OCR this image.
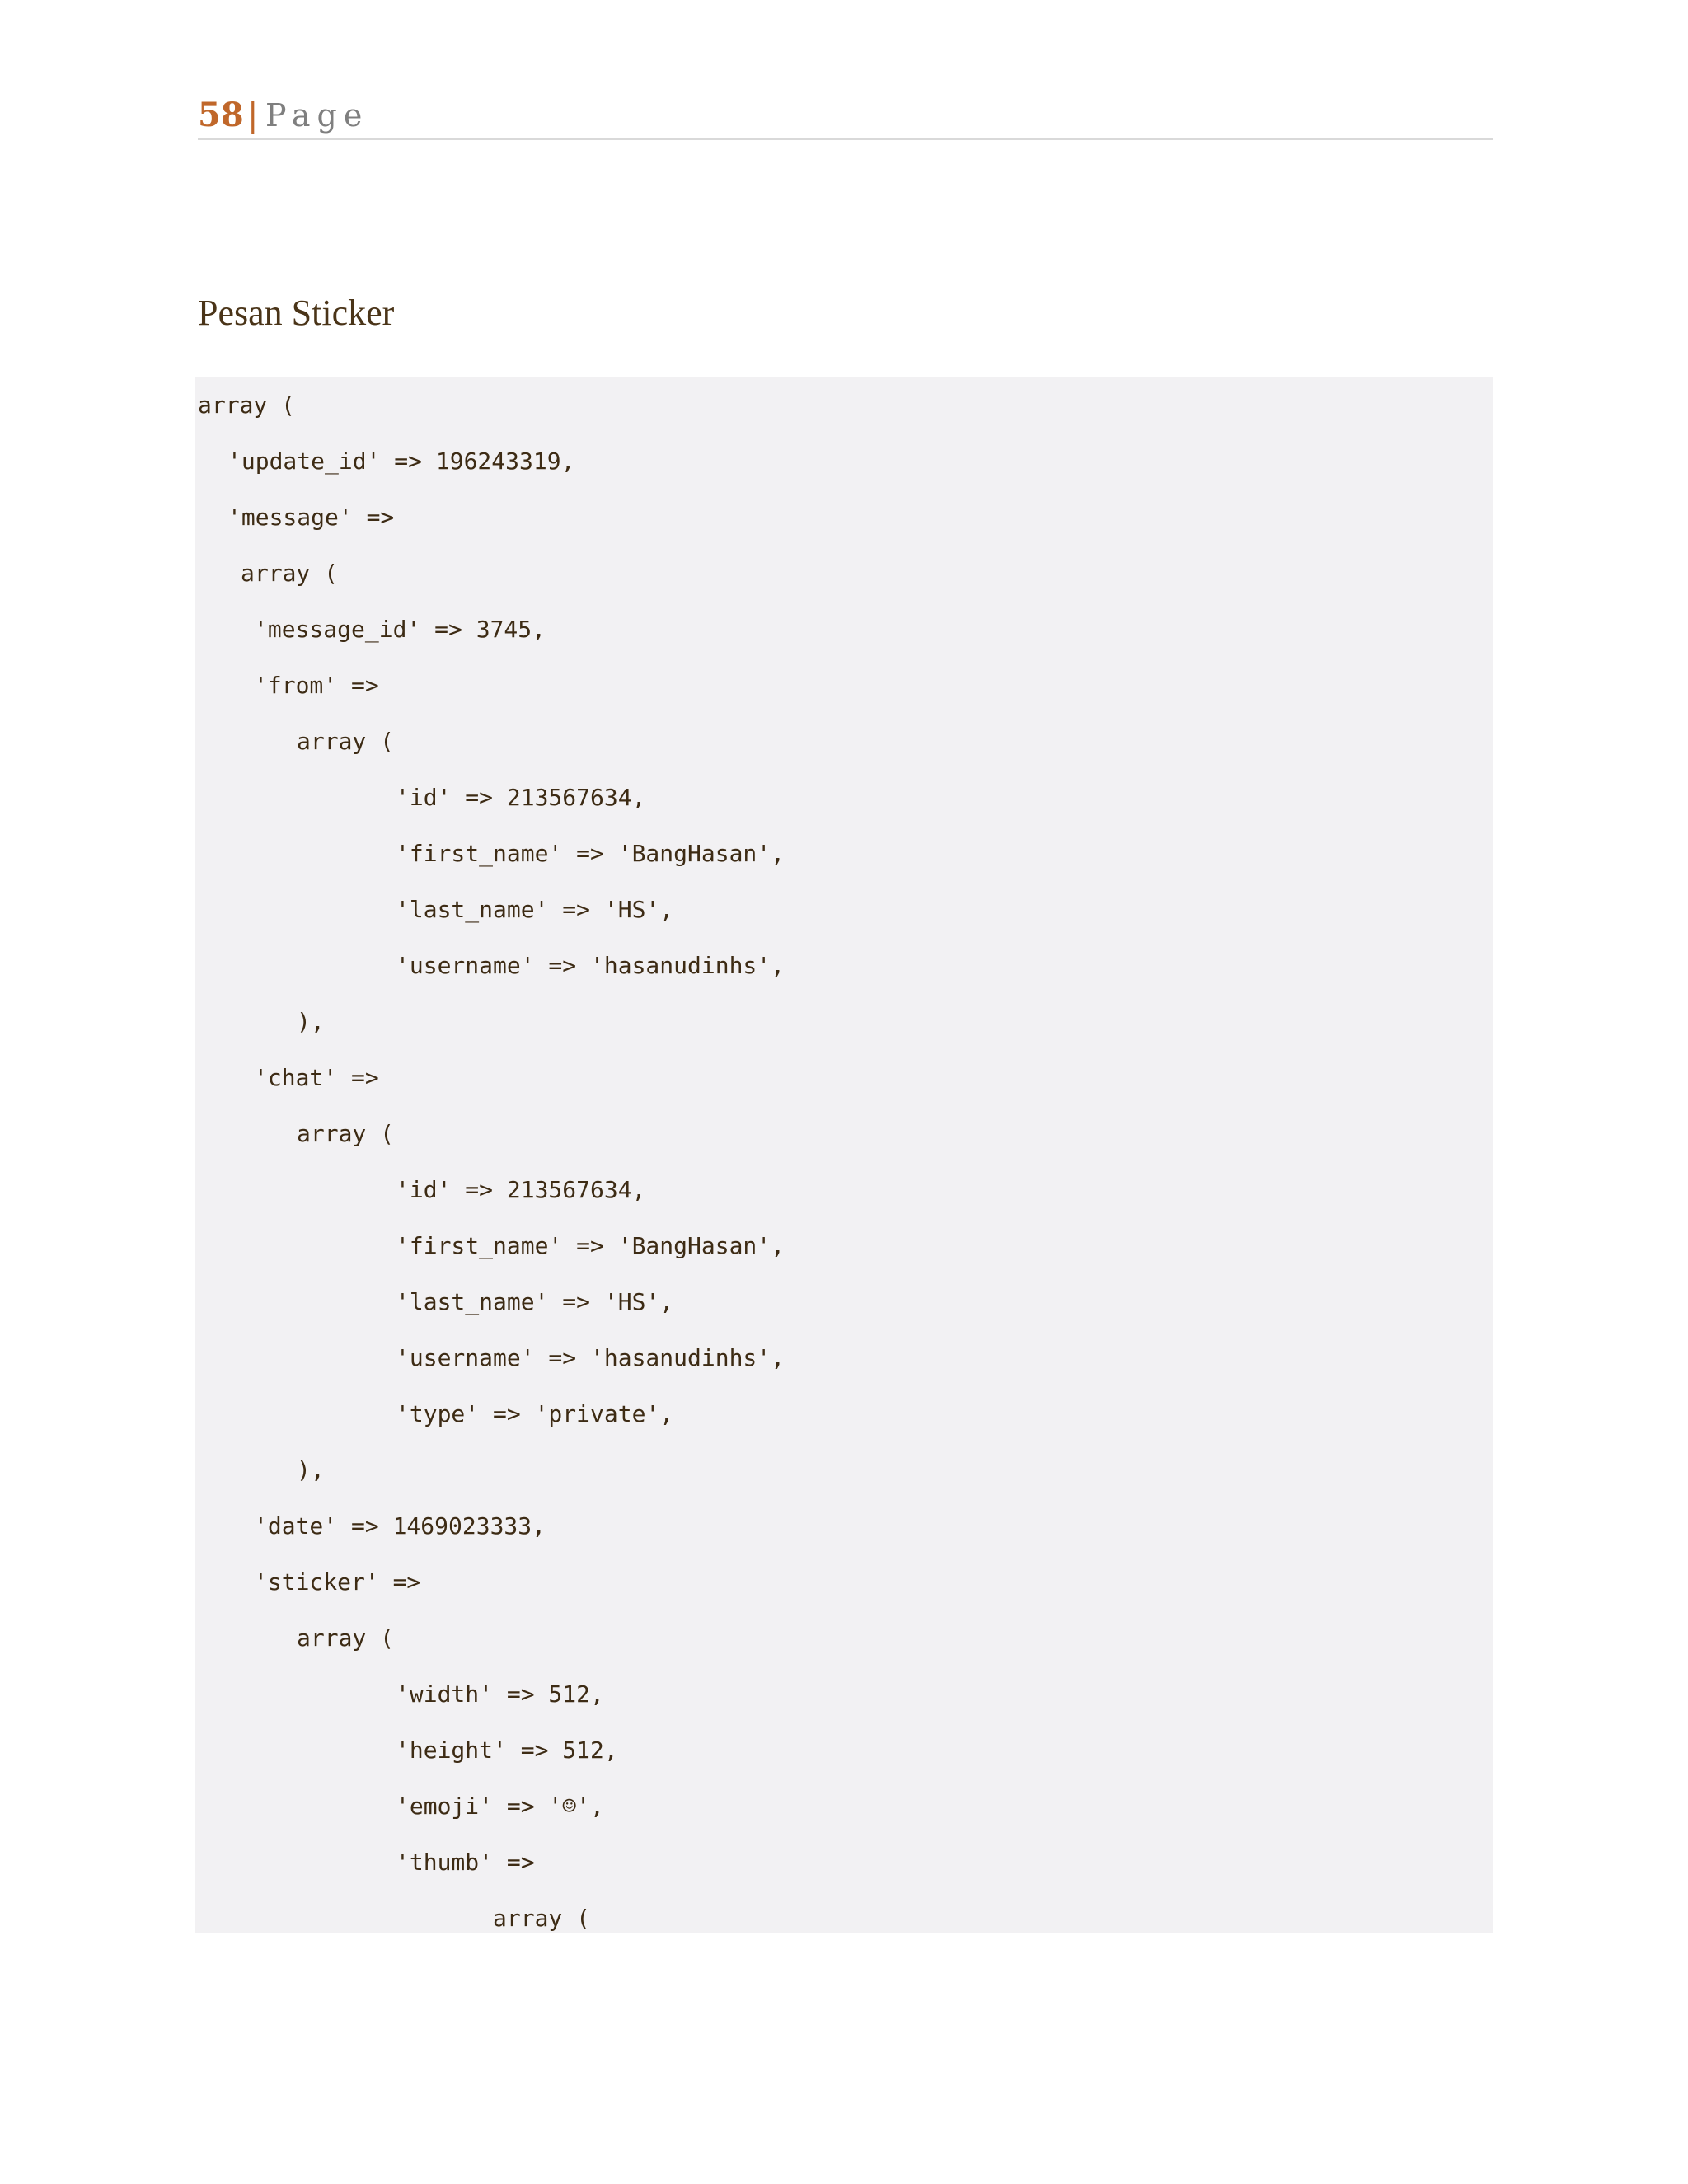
58 | Page
Pesan Sticker
array (
'update_id' => 196243319,
'message' =>
array (
'message_id' => 3745,
'from' =>
array (
'id' => 213567634,
'first_name' => 'BangHasan',
'last_name' => 'HS',
'username' => 'hasanudinhs',
),
'chat' =>
array (
'id' => 213567634,
'first_name' => 'BangHasan',
'last_name' => 'HS',
'username' => 'hasanudinhs',
'type' => 'private',
),
'date' => 1469023333,
'sticker' =>
array (
'width' => 512,
'height' => 512,
'emoji' => '☺',
'thumb' =>
array (
